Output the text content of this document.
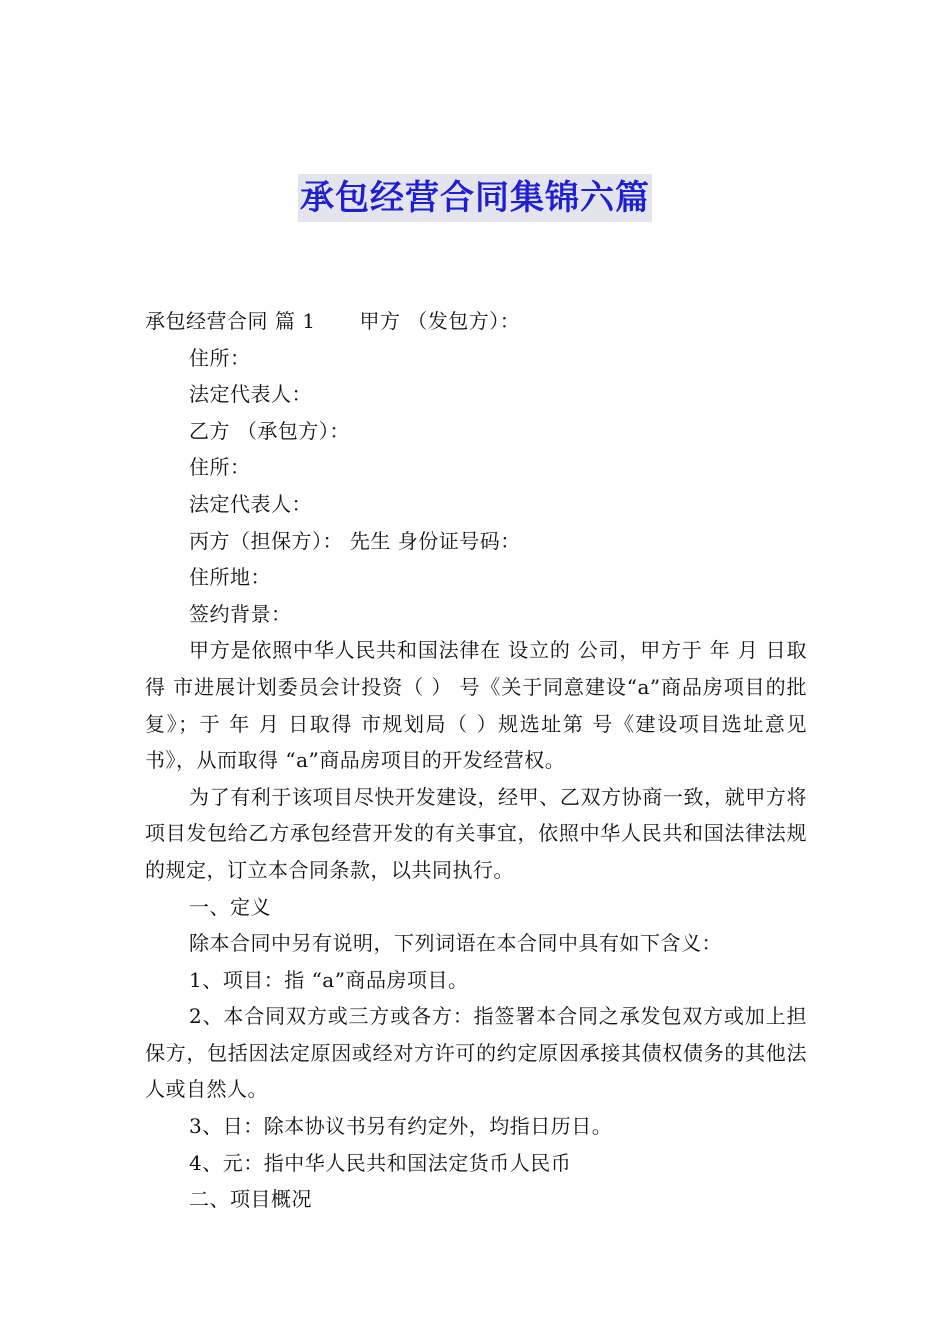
承包经营合同集锦六篇

承包经营合同 篇 1 甲方 （发包方）：

住所：

法定代表人：

乙方 （承包方）：

住所：

法定代表人：

丙方（担保方）： 先生 身份证号码：

住所地：

签约背景：

甲方是依照中华人民共和国法律在 设立的 公司，甲方于 年 月 日取得 市进展计划委员会计投资（ ） 号《关于同意建设“a”商品房项目的批复》；于 年 月 日取得 市规划局（ ）规选址第 号《建设项目选址意见书》，从而取得 “a”商品房项目的开发经营权。

为了有利于该项目尽快开发建设，经甲、乙双方协商一致，就甲方将项目发包给乙方承包经营开发的有关事宜，依照中华人民共和国法律法规的规定，订立本合同条款，以共同执行。

一、定义

除本合同中另有说明，下列词语在本合同中具有如下含义：

1、项目：指 “a”商品房项目。

2、本合同双方或三方或各方：指签署本合同之承发包双方或加上担保方，包括因法定原因或经对方许可的约定原因承接其债权债务的其他法人或自然人。

3、日：除本协议书另有约定外，均指日历日。

4、元：指中华人民共和国法定货币人民币

二、项目概况
